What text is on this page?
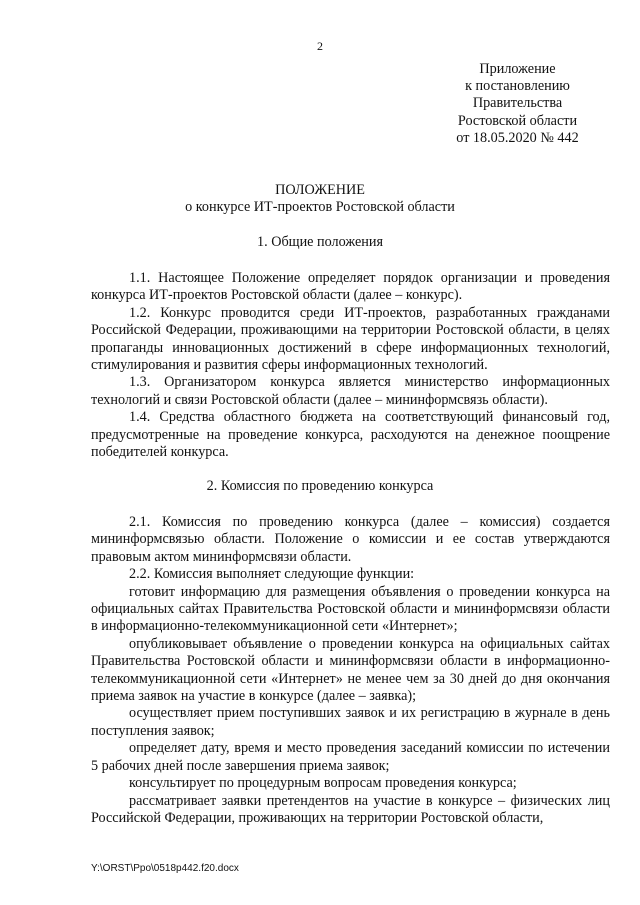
2
Приложение
к постановлению
Правительства
Ростовской области
от 18.05.2020 № 442
ПОЛОЖЕНИЕ
о конкурсе ИТ-проектов Ростовской области
1. Общие положения

1.1. Настоящее Положение определяет порядок организации и проведения конкурса ИТ-проектов Ростовской области (далее – конкурс).

1.2. Конкурс проводится среди ИТ-проектов, разработанных гражданами Российской Федерации, проживающими на территории Ростовской области, в целях пропаганды инновационных достижений в сфере информационных технологий, стимулирования и развития сферы информационных технологий.

1.3. Организатором конкурса является министерство информационных технологий и связи Ростовской области (далее – мининформсвязь области).

1.4. Средства областного бюджета на соответствующий финансовый год, предусмотренные на проведение конкурса, расходуются на денежное поощрение победителей конкурса.

2. Комиссия по проведению конкурса

2.1. Комиссия по проведению конкурса (далее – комиссия) создается мининформсвязью области. Положение о комиссии и ее состав утверждаются правовым актом мининформсвязи области.

2.2. Комиссия выполняет следующие функции:

готовит информацию для размещения объявления о проведении конкурса на официальных сайтах Правительства Ростовской области и мининформсвязи области в информационно-телекоммуникационной сети «Интернет»;

опубликовывает объявление о проведении конкурса на официальных сайтах Правительства Ростовской области и мининформсвязи области в информационно-телекоммуникационной сети «Интернет» не менее чем за 30 дней до дня окончания приема заявок на участие в конкурсе (далее – заявка);

осуществляет прием поступивших заявок и их регистрацию в журнале в день поступления заявок;

определяет дату, время и место проведения заседаний комиссии по истечении 5 рабочих дней после завершения приема заявок;

консультирует по процедурным вопросам проведения конкурса;

рассматривает заявки претендентов на участие в конкурсе – физических лиц Российской Федерации, проживающих на территории Ростовской области,

Y:\ORST\Ppo\0518p442.f20.docx
